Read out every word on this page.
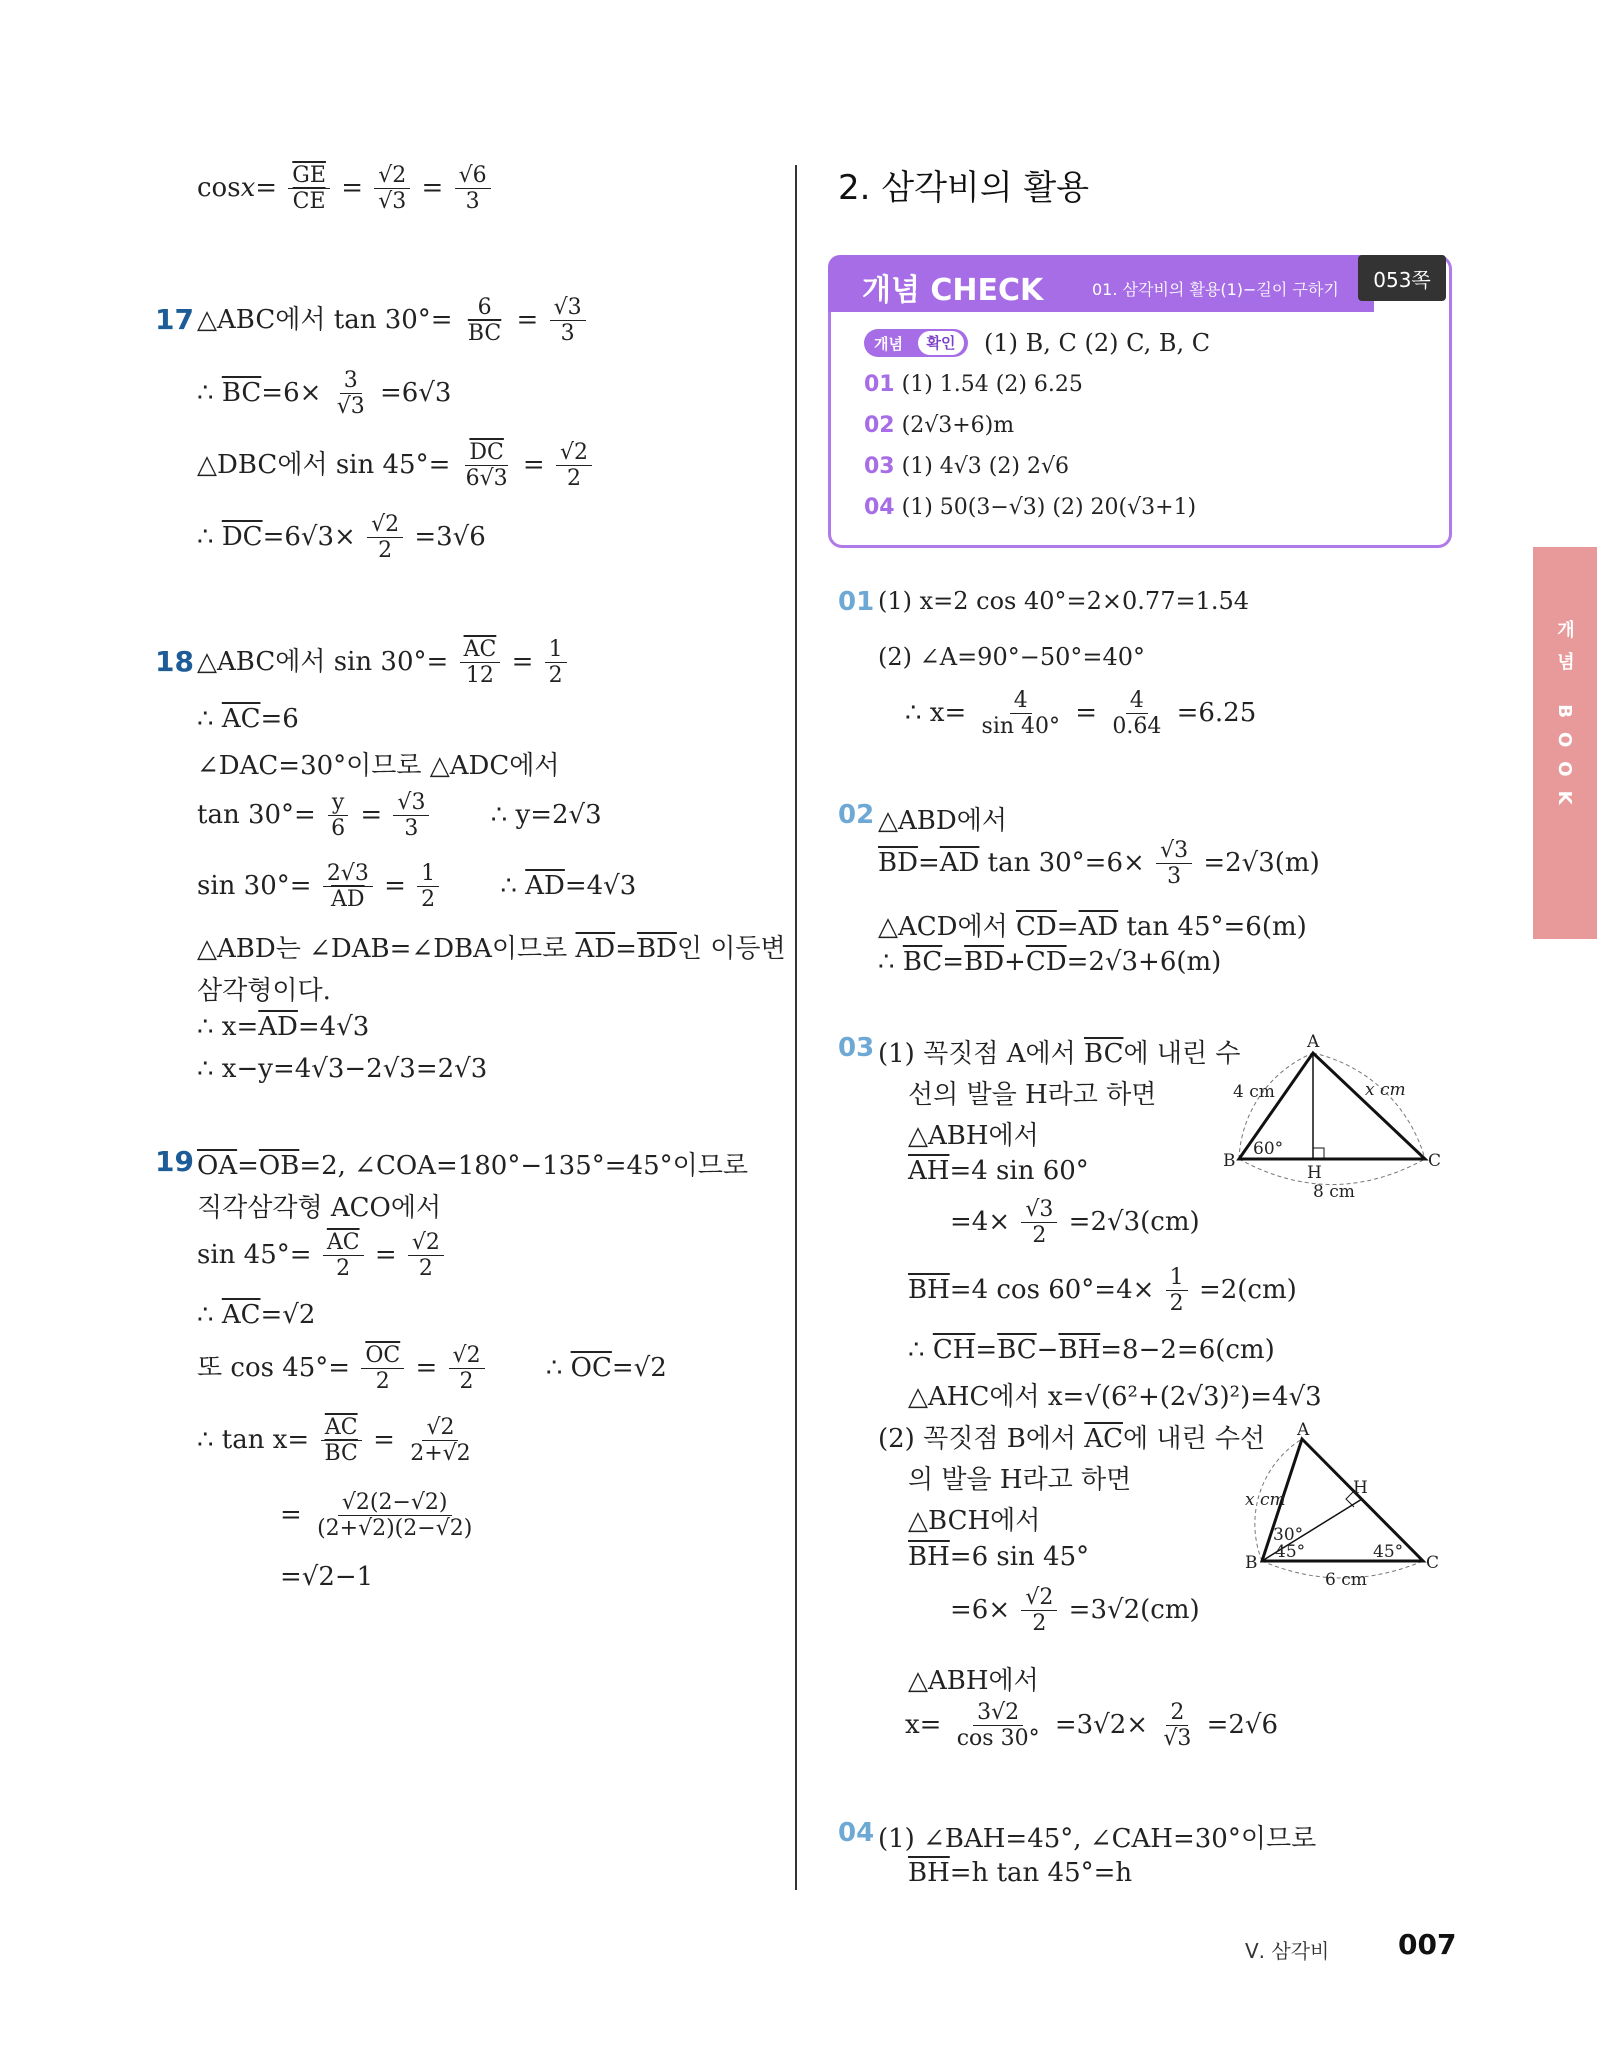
$\cos x= \frac{\overline{GE}}{CE} = \frac{√2}{√3} = \frac{√6}{3}$
17 △ABC에서 $\tan 30^\circ= \frac{6}{BC} = \frac{√3}{3}$
∴ $\overline{BC}=6\times \frac{3}{√3} =6√3$
△DBC에서 $\sin 45^\circ= \frac{\overline{DC}}{6√3} = \frac{√2}{2}$
∴ $\overline{DC}=6√3\times \frac{√2}{2} =3√6$
18 △ABC에서 $\sin 30^\circ= \frac{\overline{AC}}{12} = \frac{1}{2}$
∴ $\overline{AC}=6$
∠DAC=30°이므로 △ADC에서
$\tan 30^\circ= \frac{y}{6} = \frac{√3}{3}$ ∴ y=2√3
$\sin 30^\circ= \frac{2√3}{AD} = \frac{1}{2}$ ∴ $\overline{AD}=4√3$
△ABD는 ∠DAB=∠DBA이므로 $\overline{AD}=\overline{BD}$인 이등변
삼각형이다.
∴ $x=\overline{AD}=4√3$
∴ x−y=4√3−2√3=2√3
19 $\overline{OA}=\overline{OB}=2$, ∠COA=180°−135°=45°이므로
직각삼각형 ACO에서
$\sin 45^\circ= \frac{\overline{AC}}{2} = \frac{√2}{2}$
∴ $\overline{AC}=√2$
또 $\cos 45^\circ= \frac{\overline{OC}}{2} = \frac{√2}{2}$ ∴ $\overline{OC}=√2$
∴ $\tan x= \frac{\overline{AC}}{BC} = \frac{√2}{2+√2}$
= $\frac{√2(2-√2)}{(2+√2)(2-√2)}$
=√2−1
2. 삼각비의 활용
개념 CHECK	01. 삼각비의 활용(1)−길이 구하기	053쪽
개념	확인	(1) B, C (2) C, B, C
01 (1) 1.54 (2) 6.25
02 (2√3+6)m
03 (1) 4√3 (2) 2√6
04 (1) 50(3−√3) (2) 20(√3+1)
01 (1) x=2 cos 40°=2×0.77=1.54
(2) ∠A=90°−50°=40°
∴ $x= \frac{4}{\sin 40^\circ} = \frac{4}{0.64} =6.25$
02 △ABD에서
$\overline{BD}=\overline{AD}$ $\tan 30^\circ=6\times \frac{√3}{3} =2√3(m)$
△ACD에서 $\overline{CD}=\overline{AD}$ tan 45°=6(m)
∴ $\overline{BC}=\overline{BD}+\overline{CD}=2√3+6(m)$
03 (1) 꼭짓점 A에서 $\overline{BC}$에 내린 수
선의 발을 H라고 하면
△ABH에서
$\overline{AH}=4$ sin 60°
$=4\times \frac{√3}{2} =2√3(cm)$
$\overline{BH}=4$ $\cos 60^\circ=4\times \frac{1}{2} =2(cm)$
∴ $\overline{CH}=\overline{BC}-\overline{BH}=8-2=6(cm)$
△AHC에서 x=√(6²+(2√3)²)=4√3
(2) 꼭짓점 B에서 $\overline{AC}$에 내린 수선
의 발을 H라고 하면
△BCH에서
$\overline{BH}=6$ sin 45°
$=6\times \frac{√2}{2} =3√2(cm)$
△ABH에서
$x= \frac{3√2}{\cos 30^\circ} =3√2\times \frac{2}{√3} =2√6$
A
B	C
H
4 cm	x cm
8 cm
60°
A
B	C
H
x cm
6 cm
30°
45°	45°
04 (1) ∠BAH=45°, ∠CAH=30°이므로
$\overline{BH}=h$ tan 45°=h
개념 BOOK
Ⅴ. 삼각비 007
